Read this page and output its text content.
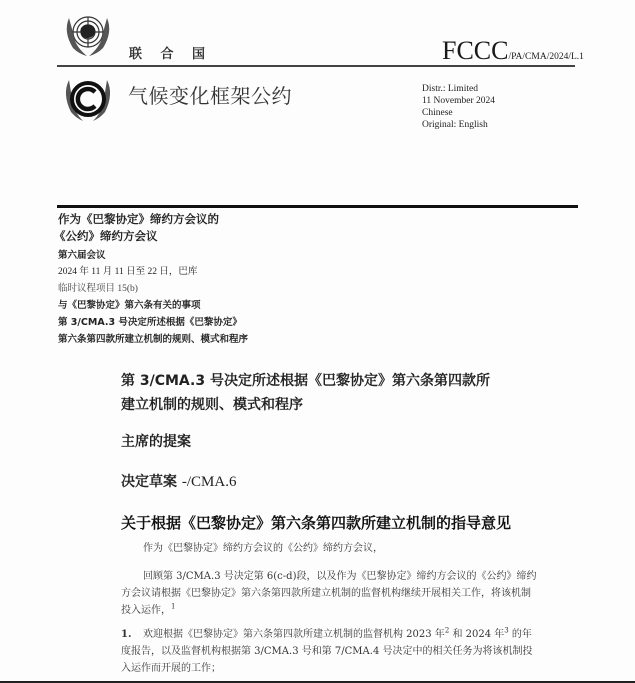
联 合 国	FCCC/PA/CMA/2024/L.1
气候变化框架公约	Distr.: Limited
11 November 2024
Chinese
Original: English
作为《巴黎协定》缔约方会议的
《公约》缔约方会议
第六届会议
2024 年 11 月 11 日至 22 日，巴库
临时议程项目 15(b)
与《巴黎协定》第六条有关的事项
第 3/CMA.3 号决定所述根据《巴黎协定》
第六条第四款所建立机制的规则、模式和程序
第 3/CMA.3 号决定所述根据《巴黎协定》第六条第四款所
建立机制的规则、模式和程序
主席的提案
决定草案 -/CMA.6
关于根据《巴黎协定》第六条第四款所建立机制的指导意见
作为《巴黎协定》缔约方会议的《公约》缔约方会议，
回顾第 3/CMA.3 号决定第 6(c-d)段，以及作为《巴黎协定》缔约方会议的《公约》缔约方会议请根据《巴黎协定》第六条第四款所建立机制的监督机构继续开展相关工作，将该机制投入运作，$^1$
1. 欢迎根据《巴黎协定》第六条第四款所建立机制的监督机构 2023 年$^2$ 和 2024 年$^3$ 的年度报告，以及监督机构根据第 3/CMA.3 号和第 7/CMA.4 号决定中的相关任务为将该机制投入运作而开展的工作；
